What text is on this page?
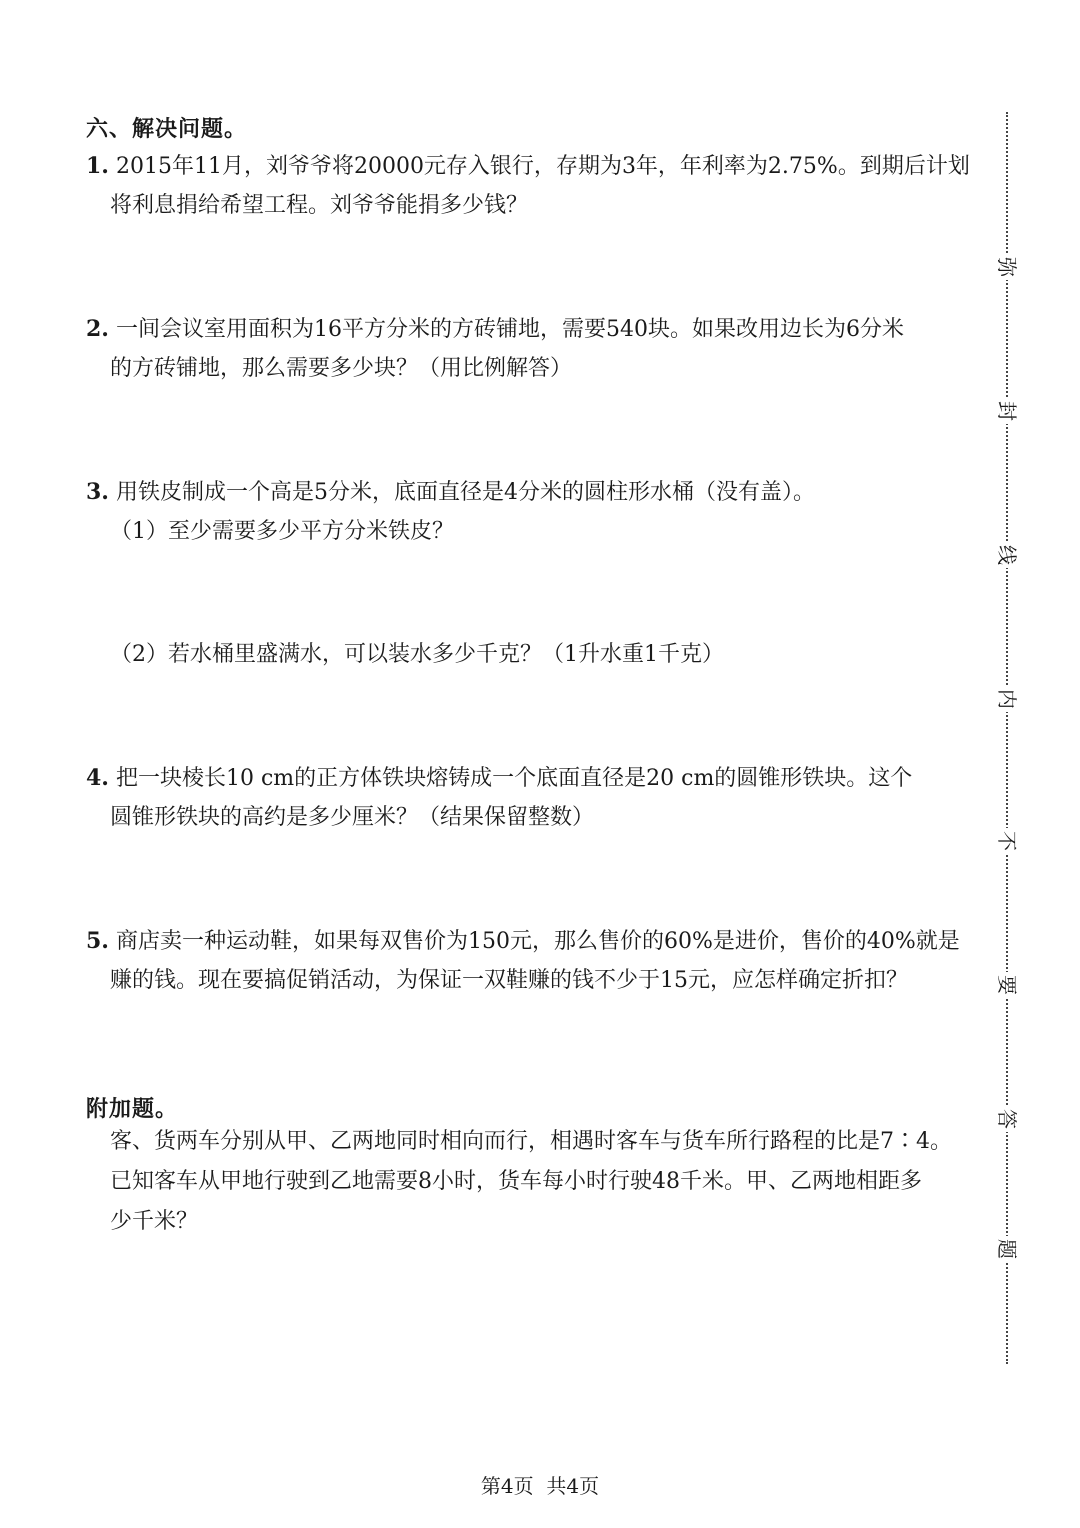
六、解决问题。
1. 2015年11月，刘爷爷将20000元存入银行，存期为3年，年利率为2.75%。到期后计划
将利息捐给希望工程。刘爷爷能捐多少钱？
2. 一间会议室用面积为16平方分米的方砖铺地，需要540块。如果改用边长为6分米
的方砖铺地，那么需要多少块？（用比例解答）
3. 用铁皮制成一个高是5分米，底面直径是4分米的圆柱形水桶（没有盖）。
（1）至少需要多少平方分米铁皮？
（2）若水桶里盛满水，可以装水多少千克？（1升水重1千克）
4. 把一块棱长10 cm的正方体铁块熔铸成一个底面直径是20 cm的圆锥形铁块。这个
圆锥形铁块的高约是多少厘米？（结果保留整数）
5. 商店卖一种运动鞋，如果每双售价为150元，那么售价的60%是进价，售价的40%就是
赚的钱。现在要搞促销活动，为保证一双鞋赚的钱不少于15元，应怎样确定折扣？
附加题。
客、货两车分别从甲、乙两地同时相向而行，相遇时客车与货车所行路程的比是7∶4。
已知客车从甲地行驶到乙地需要8小时，货车每小时行驶48千米。甲、乙两地相距多
少千米？
弥
封
线
内
不
要
答
题
第4页  共4页
